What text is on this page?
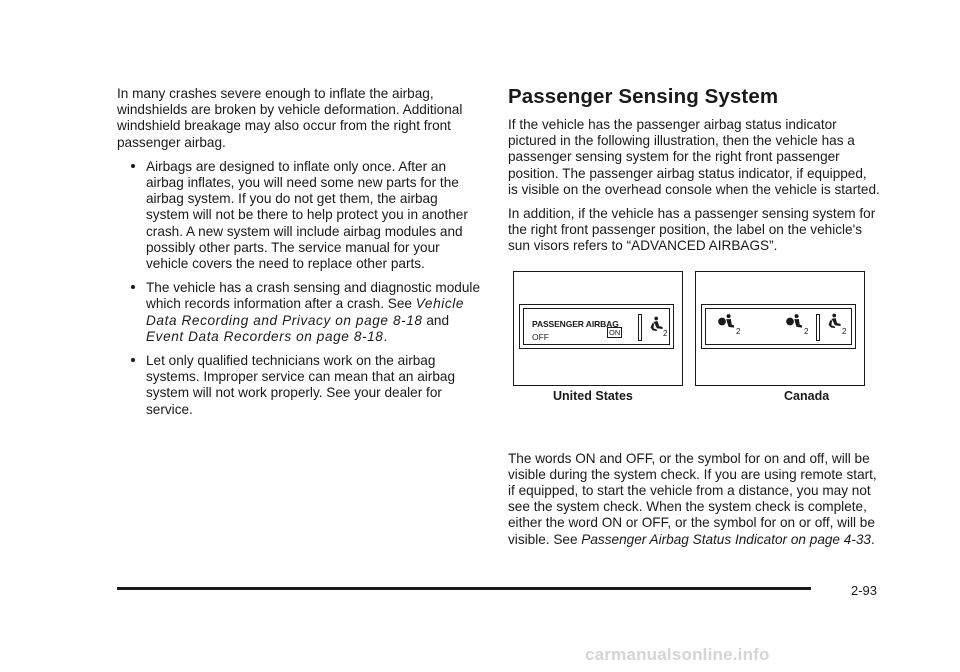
In many crashes severe enough to inflate the airbag, windshields are broken by vehicle deformation. Additional windshield breakage may also occur from the right front passenger airbag.

Airbags are designed to inflate only once. After an airbag inflates, you will need some new parts for the airbag system. If you do not get them, the airbag system will not be there to help protect you in another crash. A new system will include airbag modules and possibly other parts. The service manual for your vehicle covers the need to replace other parts.
The vehicle has a crash sensing and diagnostic module which records information after a crash. See Vehicle Data Recording and Privacy on page 8-18 and Event Data Recorders on page 8-18.
Let only qualified technicians work on the airbag systems. Improper service can mean that an airbag system will not work properly. See your dealer for service.
Passenger Sensing System

If the vehicle has the passenger airbag status indicator pictured in the following illustration, then the vehicle has a passenger sensing system for the right front passenger position. The passenger airbag status indicator, if equipped, is visible on the overhead console when the vehicle is started.

In addition, if the vehicle has a passenger sensing system for the right front passenger position, the label on the vehicle's sun visors refers to “ADVANCED AIRBAGS”.

PASSENGER AIRBAG
OFF	ON	2	2	2	2
United States	Canada

The words ON and OFF, or the symbol for on and off, will be visible during the system check. If you are using remote start, if equipped, to start the vehicle from a distance, you may not see the system check. When the system check is complete, either the word ON or OFF, or the symbol for on or off, will be visible. See Passenger Airbag Status Indicator on page 4-33.

2-93
carmanualsonline.info
